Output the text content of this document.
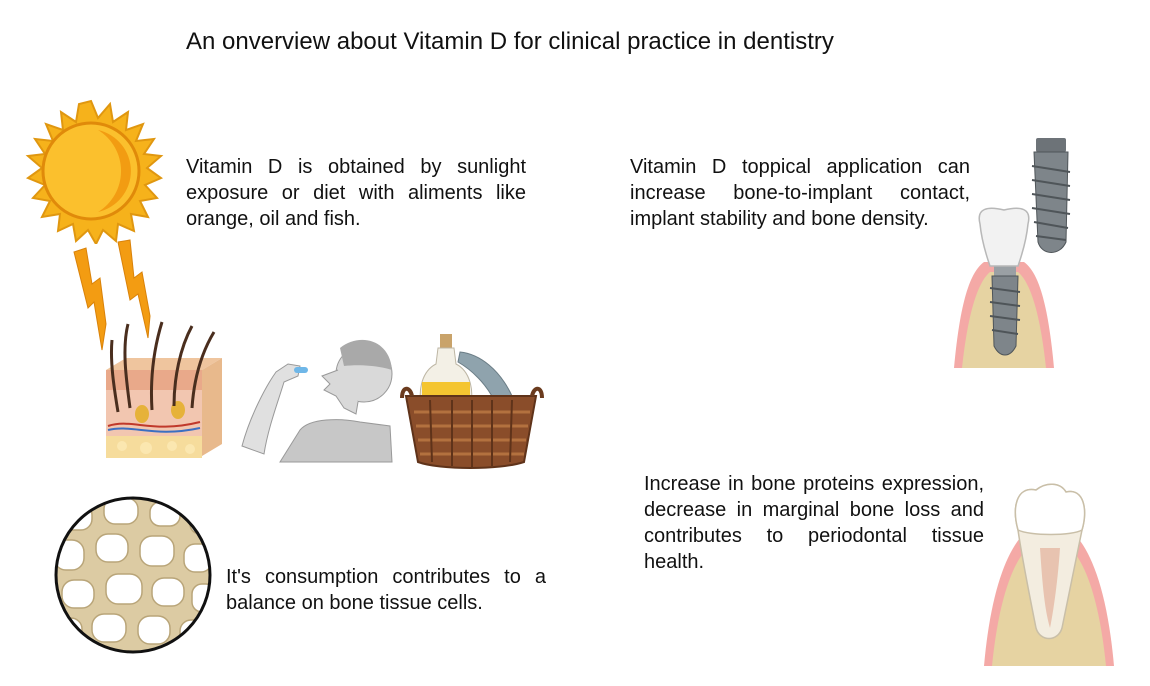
An onverview about Vitamin D for clinical practice in dentistry
Vitamin D is obtained by sunlight exposure or diet with aliments like orange, oil and fish.
Vitamin D toppical application can increase bone-to-implant contact, implant stability and bone density.
Increase in bone proteins expression, decrease in marginal bone loss and contributes to periodontal tissue health.
It's consumption contributes to a balance on bone tissue cells.
